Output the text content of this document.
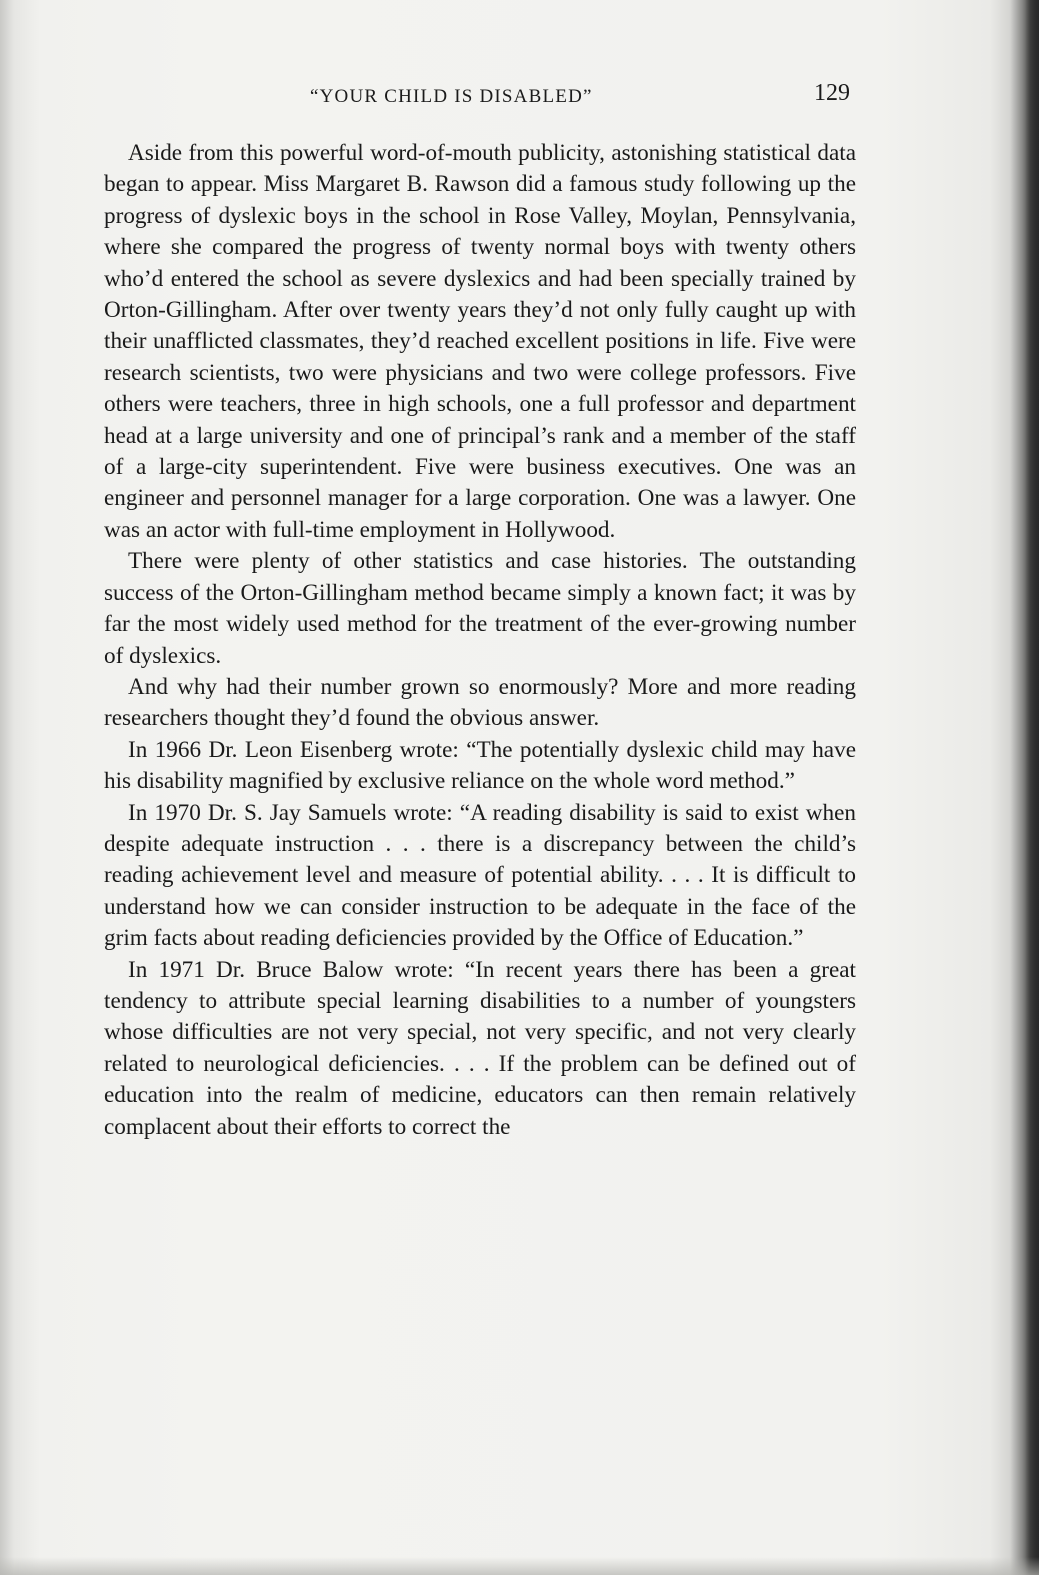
“YOUR CHILD IS DISABLED”	129

Aside from this powerful word-of-mouth publicity, astonishing statistical data began to appear. Miss Margaret B. Rawson did a famous study following up the progress of dyslexic boys in the school in Rose Valley, Moylan, Pennsylvania, where she compared the progress of twenty normal boys with twenty others who’d entered the school as severe dyslexics and had been specially trained by Orton-Gillingham. After over twenty years they’d not only fully caught up with their unafflicted classmates, they’d reached excellent positions in life. Five were research scientists, two were physicians and two were college professors. Five others were teachers, three in high schools, one a full professor and department head at a large university and one of principal’s rank and a member of the staff of a large-city superintendent. Five were business executives. One was an engineer and personnel manager for a large corporation. One was a lawyer. One was an actor with full-time employment in Hollywood.

There were plenty of other statistics and case histories. The outstanding success of the Orton-Gillingham method became simply a known fact; it was by far the most widely used method for the treatment of the ever-growing number of dyslexics.

And why had their number grown so enormously? More and more reading researchers thought they’d found the obvious answer.

In 1966 Dr. Leon Eisenberg wrote: “The potentially dyslexic child may have his disability magnified by exclusive reliance on the whole word method.”

In 1970 Dr. S. Jay Samuels wrote: “A reading disability is said to exist when despite adequate instruction . . . there is a discrepancy between the child’s reading achievement level and measure of potential ability. . . . It is difficult to understand how we can consider instruction to be adequate in the face of the grim facts about reading deficiencies provided by the Office of Education.”

In 1971 Dr. Bruce Balow wrote: “In recent years there has been a great tendency to attribute special learning disabilities to a number of youngsters whose difficulties are not very special, not very specific, and not very clearly related to neurological deficiencies. . . . If the problem can be defined out of education into the realm of medicine, educators can then remain relatively complacent about their efforts to correct the
